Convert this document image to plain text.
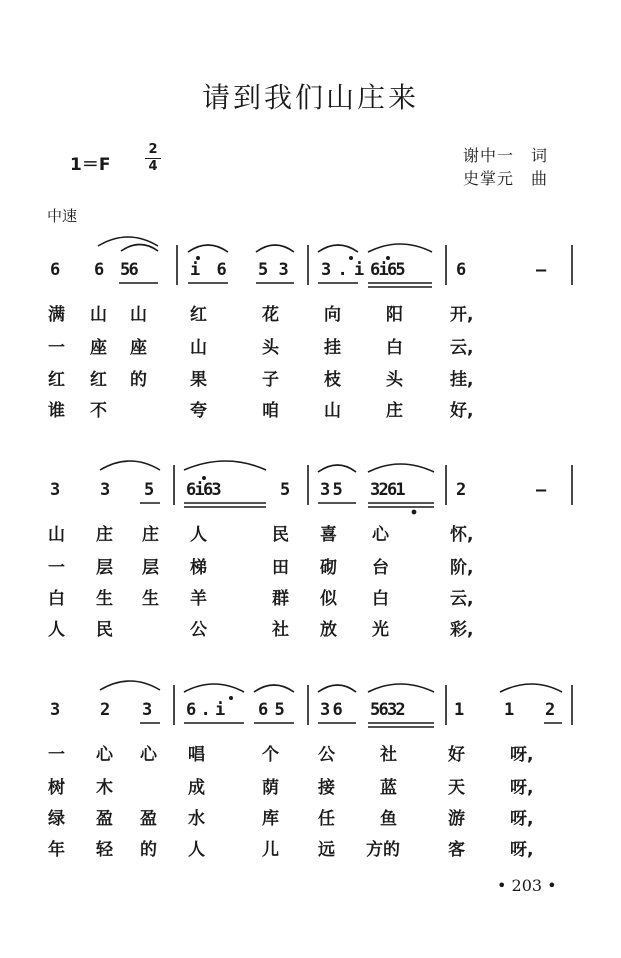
请到我们山庄来
1＝F
2
4
谢中一　词
史掌元　曲
中速
6 6 5 6	i 6 5 3 3 . i 6 i 6 5	6	—
3 3 5 6 i 6 3	5 3 5 3 2 6 1	2	—
3 2 3 6 . i 6 5 3 6 5 6 3 2	1 1 2
满 山 山	红	花	向	阳	开,
一 座 座	山	头	挂	白	云,
红 红 的	果	子	枝	头	挂,
谁 不	夸	咱	山	庄	好,
山 庄 庄 人	民 喜 心	怀,
一 层 层 梯	田 砌 台	阶,
白 生 生 羊	群 似 白	云,
人 民	公	社 放 光	彩,
一 心 心 唱	个 公	社	好	呀,
树 木	成	荫 接	蓝	天	呀,
绿 盈 盈 水	库 任	鱼	游	呀,
年 轻 的 人	儿 远 方的	客	呀,
• 203 •
